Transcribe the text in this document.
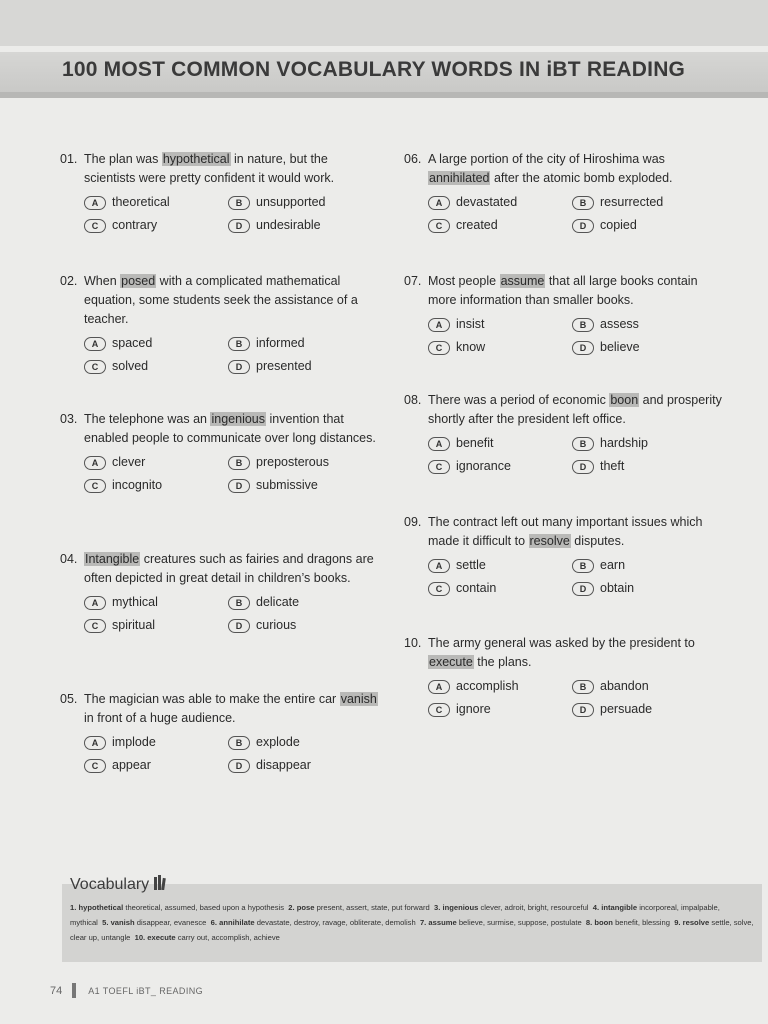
100 MOST COMMON VOCABULARY WORDS IN iBT READING

01. The plan was hypothetical in nature, but the scientists were pretty confident it would work.

A	theoretical	B	unsupported
C	contrary	D	undesirable

02. When posed with a complicated mathematical equation, some students seek the assistance of a teacher.

A	spaced	B	informed
C	solved	D	presented

03. The telephone was an ingenious invention that enabled people to communicate over long distances.

A	clever	B	preposterous
C	incognito	D	submissive

04. Intangible creatures such as fairies and dragons are often depicted in great detail in children’s books.

A	mythical	B	delicate
C	spiritual	D	curious

05. The magician was able to make the entire car vanish in front of a huge audience.

A	implode	B	explode
C	appear	D	disappear

06. A large portion of the city of Hiroshima was annihilated after the atomic bomb exploded.

A	devastated	B	resurrected
C	created	D	copied

07. Most people assume that all large books contain more information than smaller books.

A	insist	B	assess
C	know	D	believe

08. There was a period of economic boon and prosperity shortly after the president left office.

A	benefit	B	hardship
C	ignorance	D	theft

09. The contract left out many important issues which made it difficult to resolve disputes.

A	settle	B	earn
C	contain	D	obtain

10. The army general was asked by the president to execute the plans.

A	accomplish	B	abandon
C	ignore	D	persuade
Vocabulary

1. hypothetical theoretical, assumed, based upon a hypothesis 2. pose present, assert, state, put forward 3. ingenious clever, adroit, bright, resourceful 4. intangible incorporeal, impalpable, mythical 5. vanish disappear, evanesce 6. annihilate devastate, destroy, ravage, obliterate, demolish 7. assume believe, surmise, suppose, postulate 8. boon benefit, blessing 9. resolve settle, solve, clear up, untangle 10. execute carry out, accomplish, achieve

74	A1 TOEFL iBT_ READING
